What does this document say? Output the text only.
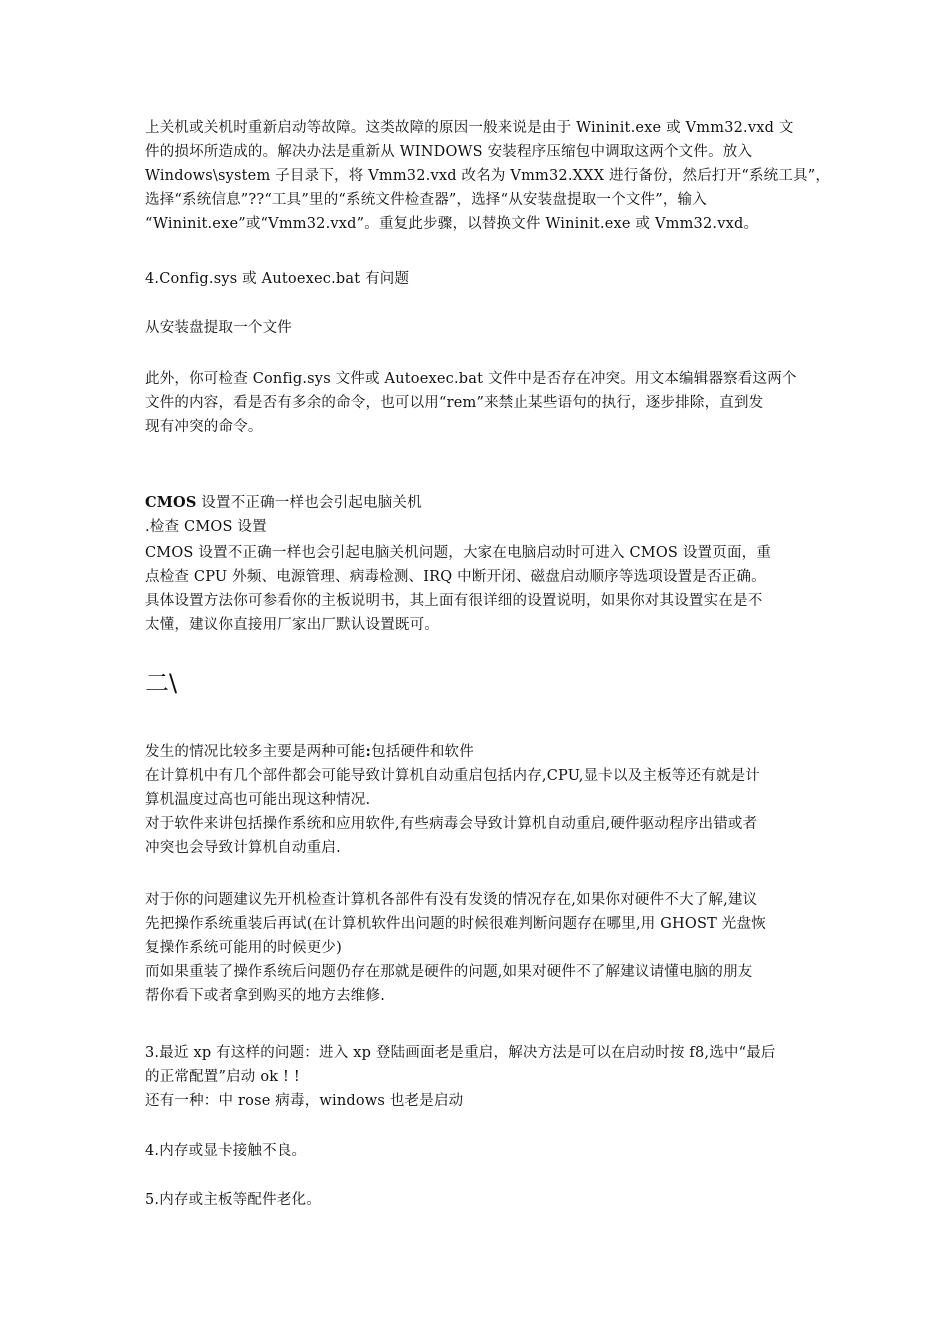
上关机或关机时重新启动等故障。这类故障的原因一般来说是由于 Wininit.exe 或 Vmm32.vxd 文
件的损坏所造成的。解决办法是重新从 WINDOWS 安装程序压缩包中调取这两个文件。放入
Windows\system 子目录下，将 Vmm32.vxd 改名为 Vmm32.XXX 进行备份，然后打开“系统工具”，
选择“系统信息”??“工具”里的“系统文件检查器”，选择“从安装盘提取一个文件”，输入
“Wininit.exe”或“Vmm32.vxd”。重复此步骤，以替换文件 Wininit.exe 或 Vmm32.vxd。
4.Config.sys 或 Autoexec.bat 有问题
从安装盘提取一个文件
此外，你可检查 Config.sys 文件或 Autoexec.bat 文件中是否存在冲突。用文本编辑器察看这两个
文件的内容，看是否有多余的命令，也可以用“rem”来禁止某些语句的执行，逐步排除，直到发
现有冲突的命令。
CMOS 设置不正确一样也会引起电脑关机
.检查 CMOS 设置
CMOS 设置不正确一样也会引起电脑关机问题，大家在电脑启动时可进入 CMOS 设置页面，重
点检查 CPU 外频、电源管理、病毒检测、IRQ 中断开闭、磁盘启动顺序等选项设置是否正确。
具体设置方法你可参看你的主板说明书，其上面有很详细的设置说明，如果你对其设置实在是不
太懂，建议你直接用厂家出厂默认设置既可。
二\
发生的情况比较多主要是两种可能:包括硬件和软件
在计算机中有几个部件都会可能导致计算机自动重启包括内存,CPU,显卡以及主板等还有就是计
算机温度过高也可能出现这种情况.
对于软件来讲包括操作系统和应用软件,有些病毒会导致计算机自动重启,硬件驱动程序出错或者
冲突也会导致计算机自动重启.
对于你的问题建议先开机检查计算机各部件有没有发烫的情况存在,如果你对硬件不大了解,建议
先把操作系统重装后再试(在计算机软件出问题的时候很难判断问题存在哪里,用 GHOST 光盘恢
复操作系统可能用的时候更少)
而如果重装了操作系统后问题仍存在那就是硬件的问题,如果对硬件不了解建议请懂电脑的朋友
帮你看下或者拿到购买的地方去维修.
3.最近 xp 有这样的问题：进入 xp 登陆画面老是重启，解决方法是可以在启动时按 f8,选中“最后
的正常配置”启动 ok ! !
还有一种：中 rose 病毒，windows 也老是启动
4.内存或显卡接触不良。
5.内存或主板等配件老化。
